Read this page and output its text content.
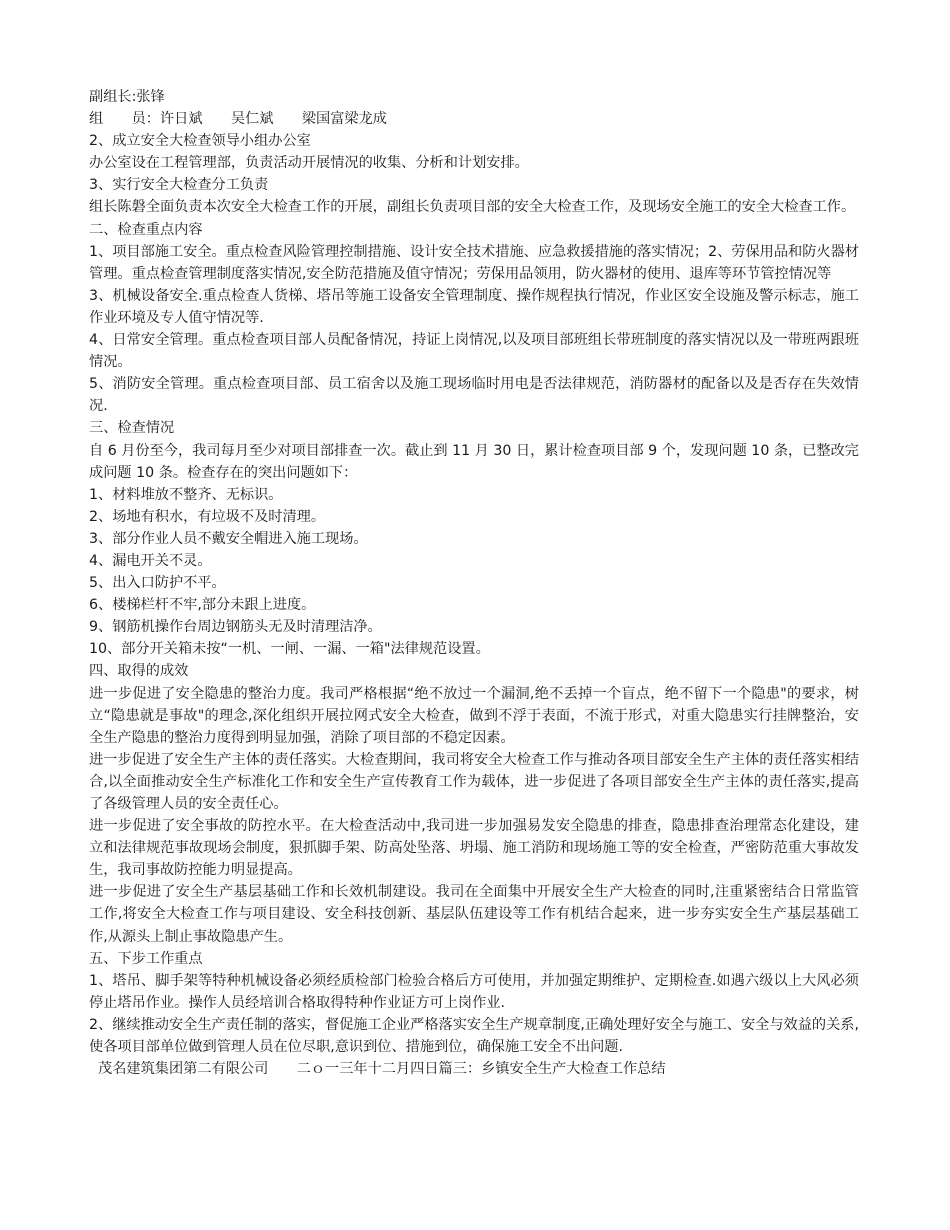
副组长:张锋

组　　员：许日斌　　吴仁斌　　梁国富梁龙成

2、成立安全大检查领导小组办公室

办公室设在工程管理部，负责活动开展情况的收集、分析和计划安排。

3、实行安全大检查分工负责

组长陈磐全面负责本次安全大检查工作的开展，副组长负责项目部的安全大检查工作，及现场安全施工的安全大检查工作。

二、检查重点内容

1、项目部施工安全。重点检查风险管理控制措施、设计安全技术措施、应急救援措施的落实情况；2、劳保用品和防火器材管理。重点检查管理制度落实情况,安全防范措施及值守情况；劳保用品领用，防火器材的使用、退库等环节管控情况等

3、机械设备安全.重点检查人货梯、塔吊等施工设备安全管理制度、操作规程执行情况，作业区安全设施及警示标志，施工作业环境及专人值守情况等.

4、日常安全管理。重点检查项目部人员配备情况，持证上岗情况,以及项目部班组长带班制度的落实情况以及一带班两跟班情况。

5、消防安全管理。重点检查项目部、员工宿舍以及施工现场临时用电是否法律规范，消防器材的配备以及是否存在失效情况.

三、检查情况

自 6 月份至今，我司每月至少对项目部排查一次。截止到 11 月 30 日，累计检查项目部 9 个，发现问题 10 条，已整改完成问题 10 条。检查存在的突出问题如下：

1、材料堆放不整齐、无标识。

2、场地有积水，有垃圾不及时清理。

3、部分作业人员不戴安全帽进入施工现场。

4、漏电开关不灵。

5、出入口防护不平。

6、楼梯栏杆不牢,部分未跟上进度。

9、钢筋机操作台周边钢筋头无及时清理洁净。

10、部分开关箱未按“一机、一闸、一漏、一箱"法律规范设置。

四、取得的成效

进一步促进了安全隐患的整治力度。我司严格根据“绝不放过一个漏洞,绝不丢掉一个盲点，绝不留下一个隐患"的要求，树立“隐患就是事故"的理念,深化组织开展拉网式安全大检查，做到不浮于表面，不流于形式，对重大隐患实行挂牌整治，安全生产隐患的整治力度得到明显加强，消除了项目部的不稳定因素。

进一步促进了安全生产主体的责任落实。大检查期间，我司将安全大检查工作与推动各项目部安全生产主体的责任落实相结合,以全面推动安全生产标准化工作和安全生产宣传教育工作为载体，进一步促进了各项目部安全生产主体的责任落实,提高了各级管理人员的安全责任心。

进一步促进了安全事故的防控水平。在大检查活动中,我司进一步加强易发安全隐患的排查，隐患排查治理常态化建设，建立和法律规范事故现场会制度，狠抓脚手架、防高处坠落、坍塌、施工消防和现场施工等的安全检查，严密防范重大事故发生，我司事故防控能力明显提高。

进一步促进了安全生产基层基础工作和长效机制建设。我司在全面集中开展安全生产大检查的同时,注重紧密结合日常监管工作,将安全大检查工作与项目建设、安全科技创新、基层队伍建设等工作有机结合起来，进一步夯实安全生产基层基础工作,从源头上制止事故隐患产生。

五、下步工作重点

1、塔吊、脚手架等特种机械设备必须经质检部门检验合格后方可使用，并加强定期维护、定期检查.如遇六级以上大风必须停止塔吊作业。操作人员经培训合格取得特种作业证方可上岗作业.

2、继续推动安全生产责任制的落实，督促施工企业严格落实安全生产规章制度,正确处理好安全与施工、安全与效益的关系,使各项目部单位做到管理人员在位尽职,意识到位、措施到位，确保施工安全不出问题.

茂名建筑集团第二有限公司　　二ｏ一三年十二月四日篇三：乡镇安全生产大检查工作总结
